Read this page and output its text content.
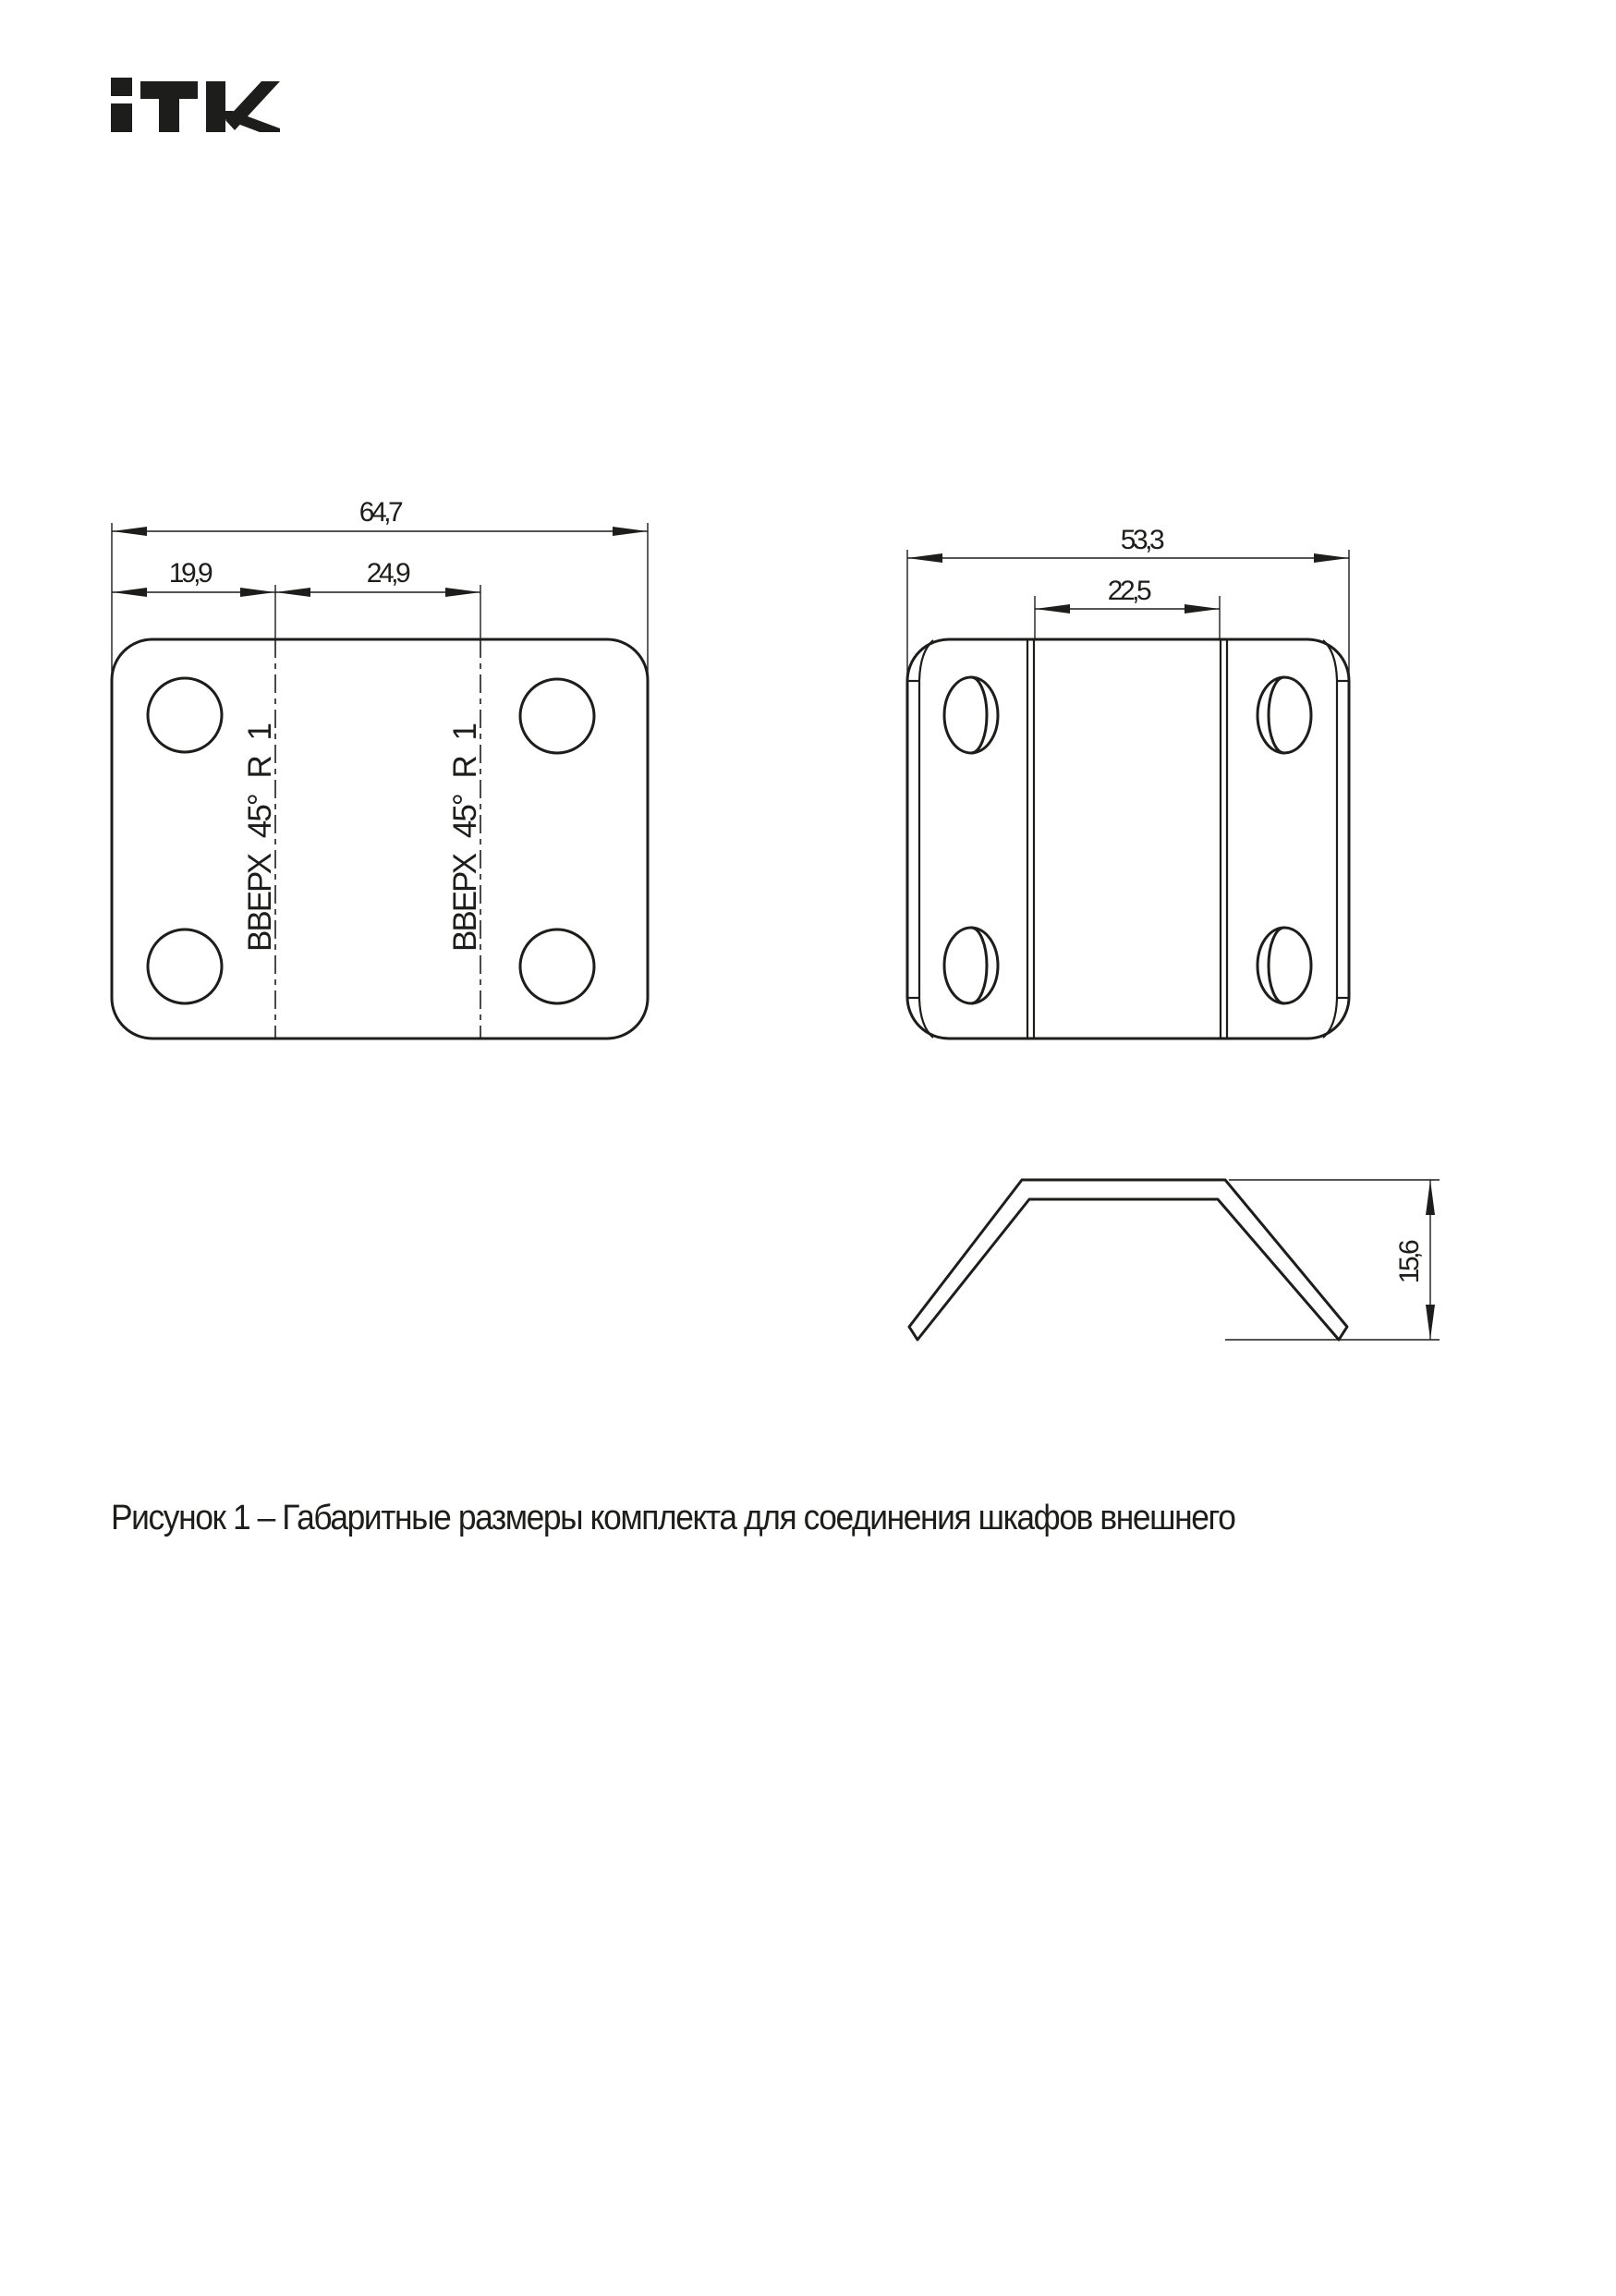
64,7
19,9	24,9
ВВЕРХ 45° R 1	ВВЕРХ 45° R 1
53,3
22,5
15,6
Рисунок 1 – Габаритные размеры комплекта для соединения шкафов внешнего
